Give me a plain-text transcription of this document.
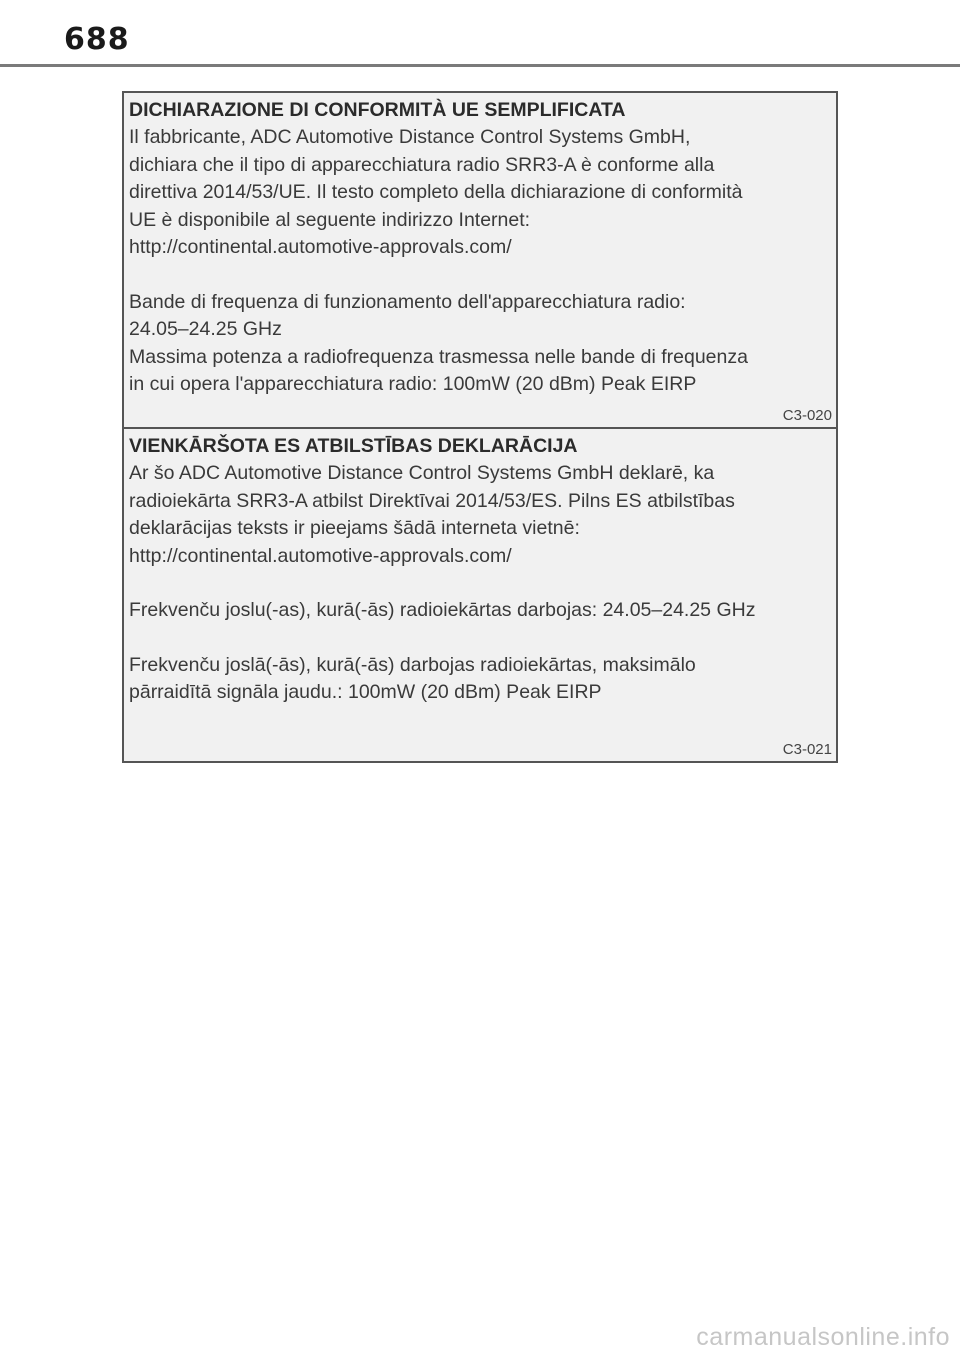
688
DICHIARAZIONE DI CONFORMITÀ UE SEMPLIFICATA
Il fabbricante, ADC Automotive Distance Control Systems GmbH,
dichiara che il tipo di apparecchiatura radio SRR3-A è conforme alla
direttiva 2014/53/UE. Il testo completo della dichiarazione di conformità
UE è disponibile al seguente indirizzo Internet:
http://continental.automotive-approvals.com/
Bande di frequenza di funzionamento dell'apparecchiatura radio:
24.05–24.25 GHz
Massima potenza a radiofrequenza trasmessa nelle bande di frequenza
in cui opera l'apparecchiatura radio: 100mW (20 dBm) Peak EIRP
C3-020
VIENKĀRŠOTA ES ATBILSTĪBAS DEKLARĀCIJA
Ar šo ADC Automotive Distance Control Systems GmbH deklarē, ka
radioiekārta SRR3-A atbilst Direktīvai 2014/53/ES. Pilns ES atbilstības
deklarācijas teksts ir pieejams šādā interneta vietnē:
http://continental.automotive-approvals.com/
Frekvenču joslu(-as), kurā(-ās) radioiekārtas darbojas: 24.05–24.25 GHz
Frekvenču joslā(-ās), kurā(-ās) darbojas radioiekārtas, maksimālo
pārraidītā signāla jaudu.: 100mW (20 dBm) Peak EIRP
C3-021
carmanualsonline.info
